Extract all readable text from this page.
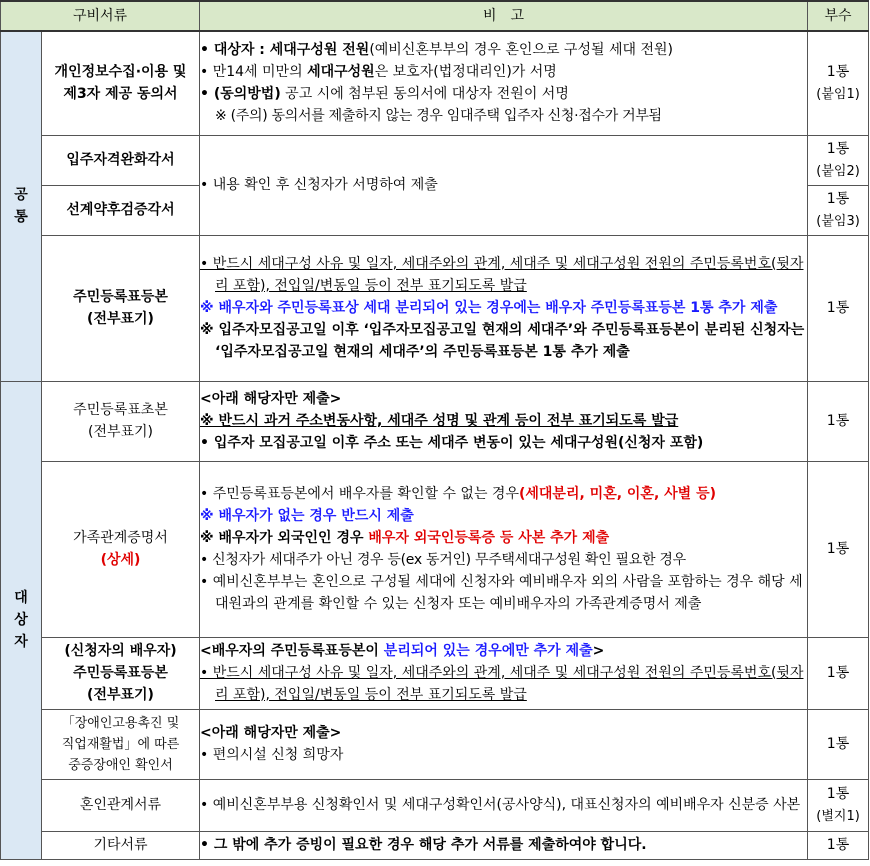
구비서류		비　고	부수
공
통	개인정보수집·이용 및
제3자 제공 동의서	• 대상자 : 세대구성원 전원(예비신혼부부의 경우 혼인으로 구성될 세대 전원)
• 만14세 미만의 세대구성원은 보호자(법정대리인)가 서명
• (동의방법) 공고 시에 첨부된 동의서에 대상자 전원이 서명
※ (주의) 동의서를 제출하지 않는 경우 임대주택 입주자 신청·접수가 거부됨	1통
(붙임1)
	입주자격완화각서	• 내용 확인 후 신청자가 서명하여 제출	1통
(붙임2)
	선계약후검증각서		1통
(붙임3)
	주민등록표등본
(전부표기)	• 반드시 세대구성 사유 및 일자, 세대주와의 관계, 세대주 및 세대구성원 전원의 주민등록번호(뒷자리 포함), 전입일/변동일 등이 전부 표기되도록 발급
※ 배우자와 주민등록표상 세대 분리되어 있는 경우에는 배우자 주민등록표등본 1통 추가 제출
※ 입주자모집공고일 이후 ‘입주자모집공고일 현재의 세대주’와 주민등록표등본이 분리된 신청자는 ‘입주자모집공고일 현재의 세대주’의 주민등록표등본 1통 추가 제출	1통
대
상
자	주민등록표초본
(전부표기)	<아래 해당자만 제출>
※ 반드시 과거 주소변동사항, 세대주 성명 및 관계 등이 전부 표기되도록 발급
• 입주자 모집공고일 이후 주소 또는 세대주 변동이 있는 세대구성원(신청자 포함)	1통
	가족관계증명서
(상세)	• 주민등록표등본에서 배우자를 확인할 수 없는 경우(세대분리, 미혼, 이혼, 사별 등)
※ 배우자가 없는 경우 반드시 제출
※ 배우자가 외국인인 경우 배우자 외국인등록증 등 사본 추가 제출
• 신청자가 세대주가 아닌 경우 등(ex 동거인) 무주택세대구성원 확인 필요한 경우
• 예비신혼부부는 혼인으로 구성될 세대에 신청자와 예비배우자 외의 사람을 포함하는 경우 해당 세대원과의 관계를 확인할 수 있는 신청자 또는 예비배우자의 가족관계증명서 제출	1통
	(신청자의 배우자)
주민등록표등본
(전부표기)	<배우자의 주민등록표등본이 분리되어 있는 경우에만 추가 제출>
• 반드시 세대구성 사유 및 일자, 세대주와의 관계, 세대주 및 세대구성원 전원의 주민등록번호(뒷자리 포함), 전입일/변동일 등이 전부 표기되도록 발급	1통
	「장애인고용촉진 및
직업재활법」에 따른
중증장애인 확인서	<아래 해당자만 제출>
• 편의시설 신청 희망자	1통
	혼인관계서류	• 예비신혼부부용 신청확인서 및 세대구성확인서(공사양식), 대표신청자의 예비배우자 신분증 사본	1통
(별지1)
	기타서류	• 그 밖에 추가 증빙이 필요한 경우 해당 추가 서류를 제출하여야 합니다.	1통
